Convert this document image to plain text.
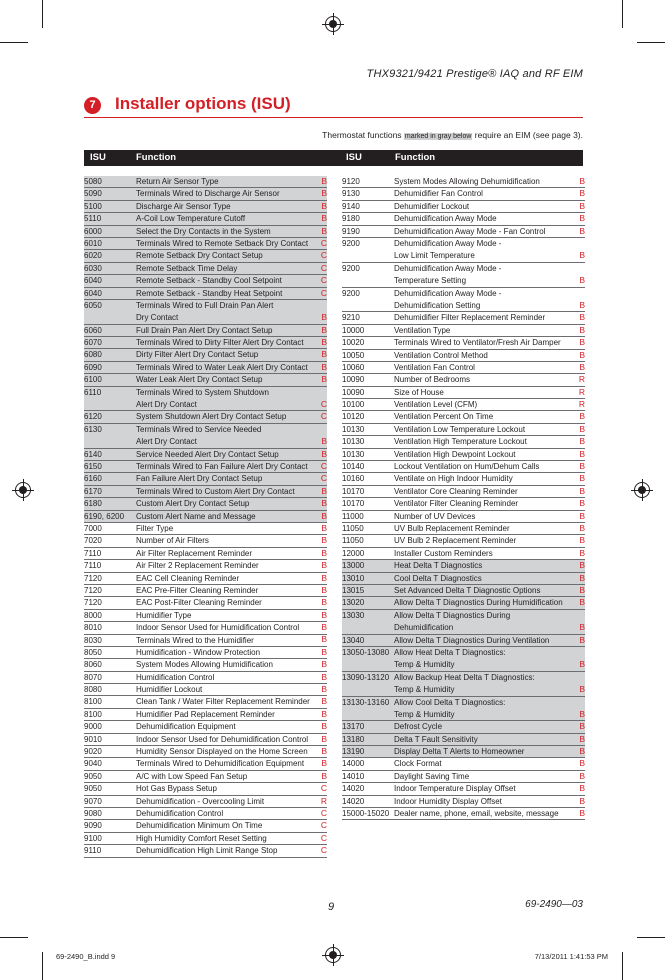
THX9321/9421 Prestige® IAQ and RF EIM
7	Installer options (ISU)
Thermostat functions marked in gray below require an EIM (see page 3).
ISU	Function	ISU	Function
5080	Return Air Sensor Type	B
5090	Terminals Wired to Discharge Air Sensor	B
5100	Discharge Air Sensor Type	B
5110	A-Coil Low Temperature Cutoff	B
6000	Select the Dry Contacts in the System	B
6010	Terminals Wired to Remote Setback Dry Contact	C
6020	Remote Setback Dry Contact Setup	C
6030	Remote Setback Time Delay	C
6040	Remote Setback - Standby Cool Setpoint	C
6040	Remote Setback - Standby Heat Setpoint	C
6050	Terminals Wired to Full Drain Pan Alert
Dry Contact	B
6060	Full Drain Pan Alert Dry Contact Setup	B
6070	Terminals Wired to Dirty Filter Alert Dry Contact	B
6080	Dirty Filter Alert Dry Contact Setup	B
6090	Terminals Wired to Water Leak Alert Dry Contact	B
6100	Water Leak Alert Dry Contact Setup	B
6110	Terminals Wired to System Shutdown
Alert Dry Contact	C
6120	System Shutdown Alert Dry Contact Setup	C
6130	Terminals Wired to Service Needed
Alert Dry Contact	B
6140	Service Needed Alert Dry Contact Setup	B
6150	Terminals Wired to Fan Failure Alert Dry Contact	C
6160	Fan Failure Alert Dry Contact Setup	C
6170	Terminals Wired to Custom Alert Dry Contact	B
6180	Custom Alert Dry Contact Setup	B
6190, 6200	Custom Alert Name and Message	B
7000	Filter Type	B
7020	Number of Air Filters	B
7110	Air Filter Replacement Reminder	B
7110	Air Filter 2 Replacement Reminder	B
7120	EAC Cell Cleaning Reminder	B
7120	EAC Pre-Filter Cleaning Reminder	B
7120	EAC Post-Filter Cleaning Reminder	B
8000	Humidifier Type	B
8010	Indoor Sensor Used for Humidification Control	B
8030	Terminals Wired to the Humidifier	B
8050	Humidification - Window Protection	B
8060	System Modes Allowing Humidification	B
8070	Humidification Control	B
8080	Humidifier Lockout	B
8100	Clean Tank / Water Filter Replacement Reminder	B
8100	Humidifier Pad Replacement Reminder	B
9000	Dehumidification Equipment	B
9010	Indoor Sensor Used for Dehumidification Control	B
9020	Humidity Sensor Displayed on the Home Screen	B
9040	Terminals Wired to Dehumidification Equipment	B
9050	A/C with Low Speed Fan Setup	B
9050	Hot Gas Bypass Setup	C
9070	Dehumidification - Overcooling Limit	R
9080	Dehumidification Control	C
9090	Dehumidification Minimum On Time	C
9100	High Humidity Comfort Reset Setting	C
9110	Dehumidification High Limit Range Stop	C
9120	System Modes Allowing Dehumidification	B
9130	Dehumidifier Fan Control	B
9140	Dehumidifier Lockout	B
9180	Dehumidification Away Mode	B
9190	Dehumidification Away Mode - Fan Control	B
9200	Dehumidification Away Mode -
Low Limit Temperature	B
9200	Dehumidification Away Mode -
Temperature Setting	B
9200	Dehumidification Away Mode -
Dehumidification Setting	B
9210	Dehumidifier Filter Replacement Reminder	B
10000	Ventilation Type	B
10020	Terminals Wired to Ventilator/Fresh Air Damper	B
10050	Ventilation Control Method	B
10060	Ventilation Fan Control	B
10090	Number of Bedrooms	R
10090	Size of House	R
10100	Ventilation Level (CFM)	R
10120	Ventilation Percent On Time	B
10130	Ventilation Low Temperature Lockout	B
10130	Ventilation High Temperature Lockout	B
10130	Ventilation High Dewpoint Lockout	B
10140	Lockout Ventilation on Hum/Dehum Calls	B
10160	Ventilate on High Indoor Humidity	B
10170	Ventilator Core Cleaning Reminder	B
10170	Ventilator Filter Cleaning Reminder	B
11000	Number of UV Devices	B
11050	UV Bulb Replacement Reminder	B
11050	UV Bulb 2 Replacement Reminder	B
12000	Installer Custom Reminders	B
13000	Heat Delta T Diagnostics	B
13010	Cool Delta T Diagnostics	B
13015	Set Advanced Delta T Diagnostic Options	B
13020	Allow Delta T Diagnostics During Humidification	B
13030	Allow Delta T Diagnostics During
Dehumidification	B
13040	Allow Delta T Diagnostics During Ventilation	B
13050-13080 Allow Heat Delta T Diagnostics:
Temp & Humidity	B
13090-13120 Allow Backup Heat Delta T Diagnostics:
Temp & Humidity	B
13130-13160 Allow Cool Delta T Diagnostics:
Temp & Humidity	B
13170	Defrost Cycle	B
13180	Delta T Fault Sensitivity	B
13190	Display Delta T Alerts to Homeowner	B
14000	Clock Format	B
14010	Daylight Saving Time	B
14020	Indoor Temperature Display Offset	B
14020	Indoor Humidity Display Offset	B
15000-15020 Dealer name, phone, email, website, message	B
9	69-2490—03
69-2490_B.indd 9	7/13/2011 1:41:53 PM
